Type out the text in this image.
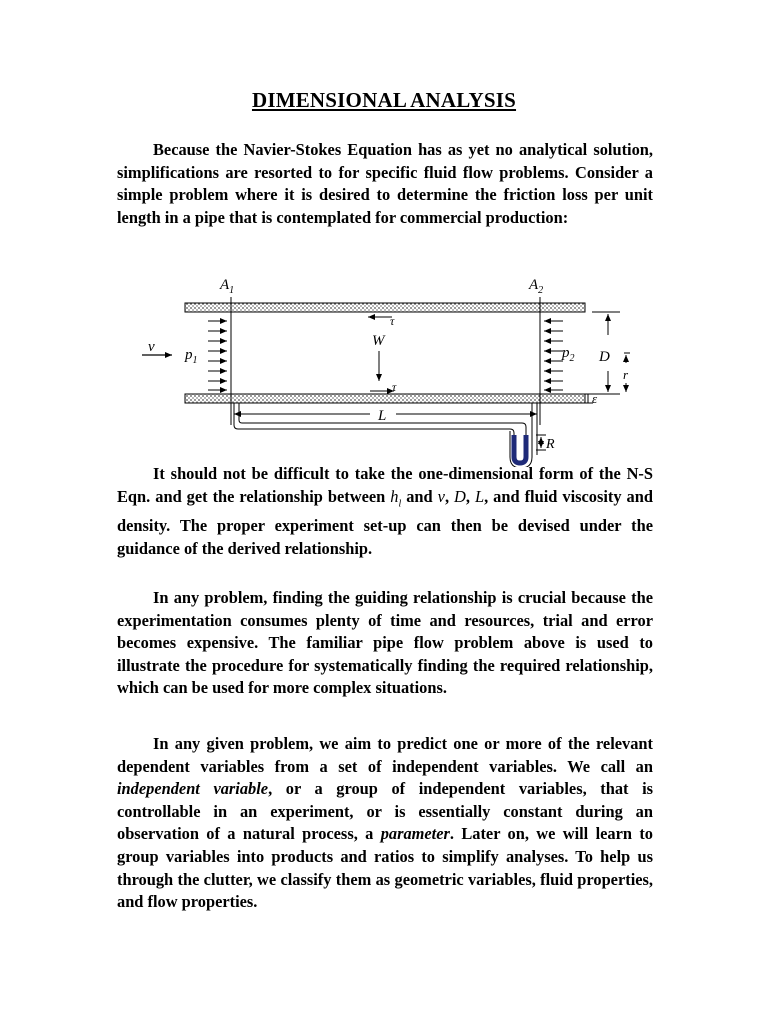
DIMENSIONAL ANALYSIS

Because the Navier-Stokes Equation has as yet no analytical solution, simplifications are resorted to for specific fluid flow problems. Consider a simple problem where it is desired to determine the friction loss per unit length in a pipe that is contemplated for commercial production:

$A_1$	$A_2$
τ
τ
W
v $p_1$	$p_2$ D
r
ε
L
R

It should not be difficult to take the one-dimensional form of the N-S Eqn. and get the relationship between $h_l$ and v, D, L, and fluid viscosity and density. The proper experiment set-up can then be devised under the guidance of the derived relationship.

In any problem, finding the guiding relationship is crucial because the experimentation consumes plenty of time and resources, trial and error becomes expensive. The familiar pipe flow problem above is used to illustrate the procedure for systematically finding the required relationship, which can be used for more complex situations.

In any given problem, we aim to predict one or more of the relevant dependent variables from a set of independent variables. We call an independent variable, or a group of independent variables, that is controllable in an experiment, or is essentially constant during an observation of a natural process, a parameter. Later on, we will learn to group variables into products and ratios to simplify analyses. To help us through the clutter, we classify them as geometric variables, fluid properties, and flow properties.
